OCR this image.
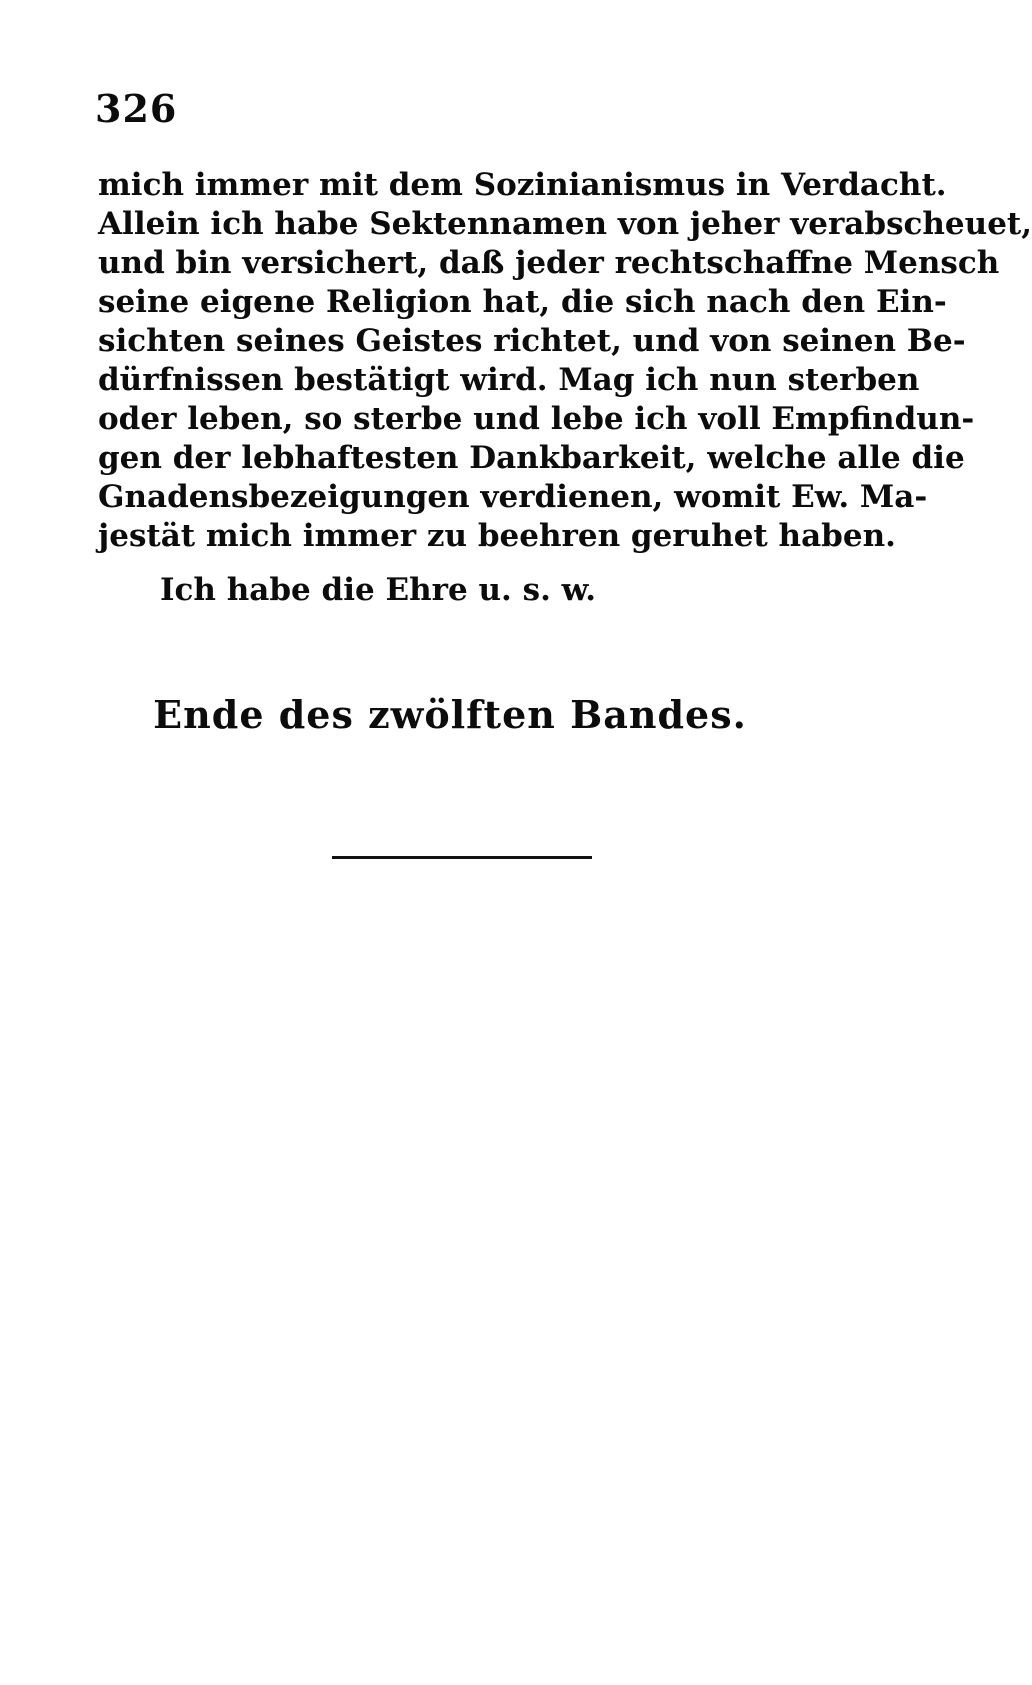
326
mich immer mit dem Sozinianismus in Verdacht.
Allein ich habe Sektennamen von jeher verabscheuet,
und bin versichert, daß jeder rechtschaffne Mensch
seine eigene Religion hat, die sich nach den Ein-
sichten seines Geistes richtet, und von seinen Be-
dürfnissen bestätigt wird. Mag ich nun sterben
oder leben, so sterbe und lebe ich voll Empfindun-
gen der lebhaftesten Dankbarkeit, welche alle die
Gnadensbezeigungen verdienen, womit Ew. Ma-
jestät mich immer zu beehren geruhet haben.
Ich habe die Ehre u. s. w.
Ende des zwölften Bandes.
